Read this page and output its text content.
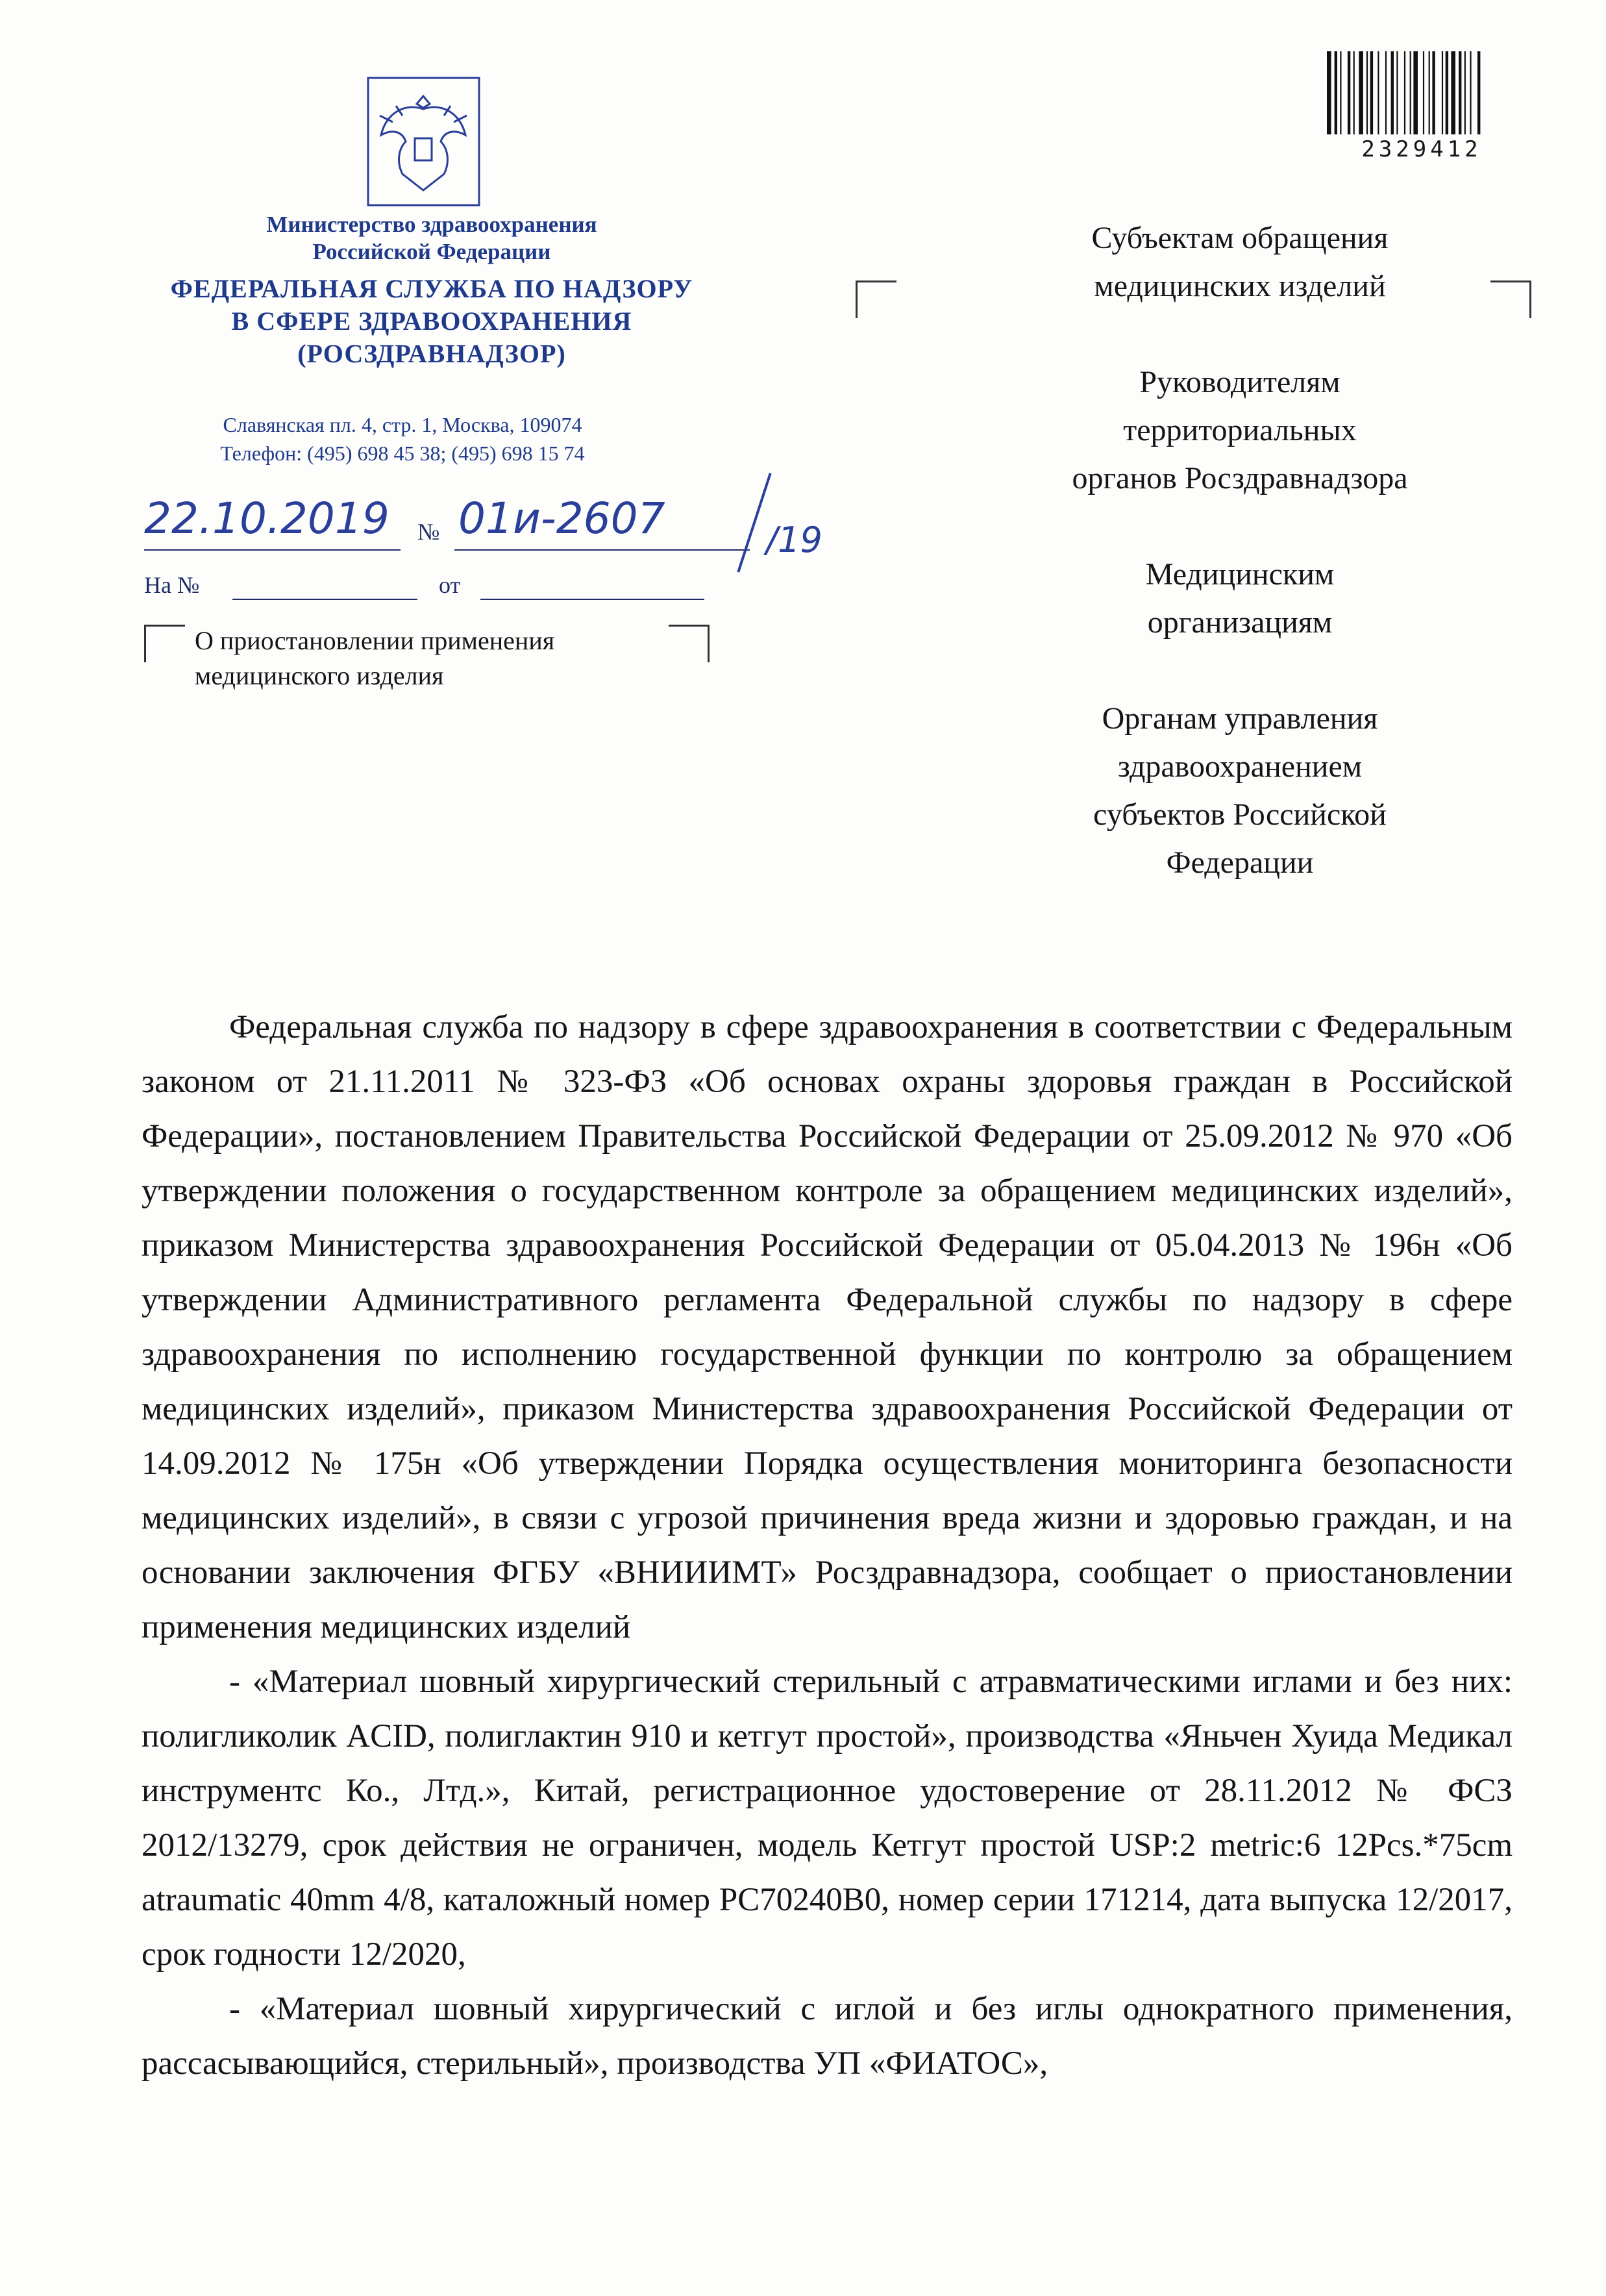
2329412
Министерство здравоохранения
Российской Федерации
ФЕДЕРАЛЬНАЯ СЛУЖБА ПО НАДЗОРУ
В СФЕРЕ ЗДРАВООХРАНЕНИЯ
(РОСЗДРАВНАДЗОР)
Славянская пл. 4, стр. 1, Москва, 109074
Телефон: (495) 698 45 38; (495) 698 15 74
22.10.2019 № 01и-2607	/19
На №	от
О приостановлении применения
медицинского изделия
Субъектам обращения
медицинских изделий
Руководителям
территориальных
органов Росздравнадзора
Медицинским
организациям
Органам управления
здравоохранением
субъектов Российской
Федерации

Федеральная служба по надзору в сфере здравоохранения в соответствии с Федеральным законом от 21.11.2011 № 323-ФЗ «Об основах охраны здоровья граждан в Российской Федерации», постановлением Правительства Российской Федерации от 25.09.2012 № 970 «Об утверждении положения о государственном контроле за обращением медицинских изделий», приказом Министерства здравоохранения Российской Федерации от 05.04.2013 № 196н «Об утверждении Административного регламента Федеральной службы по надзору в сфере здравоохранения по исполнению государственной функции по контролю за обращением медицинских изделий», приказом Министерства здравоохранения Российской Федерации от 14.09.2012 № 175н «Об утверждении Порядка осуществления мониторинга безопасности медицинских изделий», в связи с угрозой причинения вреда жизни и здоровью граждан, и на основании заключения ФГБУ «ВНИИИМТ» Росздравнадзора, сообщает о приостановлении применения медицинских изделий

- «Материал шовный хирургический стерильный с атравматическими иглами и без них: полигликолик ACID, полиглактин 910 и кетгут простой», производства «Яньчен Хуида Медикал инструментс Ко., Лтд.», Китай, регистрационное удостоверение от 28.11.2012 № ФСЗ 2012/13279, срок действия не ограничен, модель Кетгут простой USP:2 metric:6 12Pcs.*75cm atraumatic 40mm 4/8, каталожный номер PC70240B0, номер серии 171214, дата выпуска 12/2017, срок годности 12/2020,

- «Материал шовный хирургический с иглой и без иглы однократного применения, рассасывающийся, стерильный», производства УП «ФИАТОС»,
